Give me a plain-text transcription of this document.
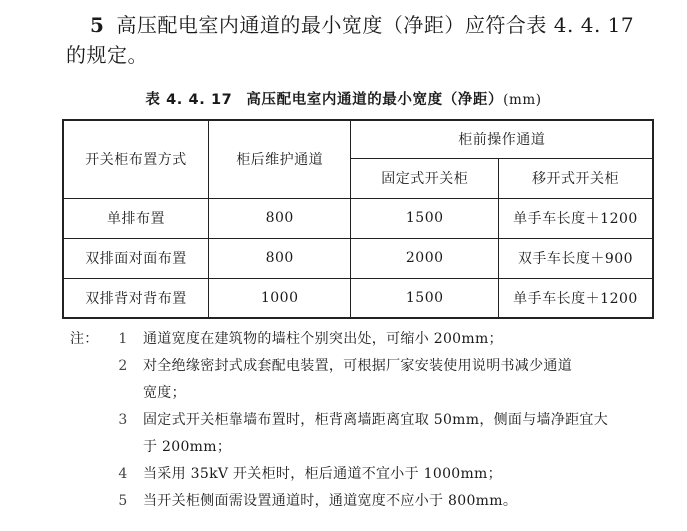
5 高压配电室内通道的最小宽度（净距）应符合表 4. 4. 17
的规定。
表 4. 4. 17 高压配电室内通道的最小宽度（净距）(mm)
开关柜布置方式	柜后维护通道	柜前操作通道	
		固定式开关柜	移开式开关柜
单排布置	800	1500	单手车长度＋1200
双排面对面布置	800	2000	双手车长度＋900
双排背对背布置	1000	1500	单手车长度＋1200
注：	1	通道宽度在建筑物的墙柱个别突出处，可缩小 200mm；
2	对全绝缘密封式成套配电装置，可根据厂家安装使用说明书减少通道
宽度；
3	固定式开关柜靠墙布置时，柜背离墙距离宜取 50mm，侧面与墙净距宜大
于 200mm；
4	当采用 35kV 开关柜时，柜后通道不宜小于 1000mm；
5	当开关柜侧面需设置通道时，通道宽度不应小于 800mm。
